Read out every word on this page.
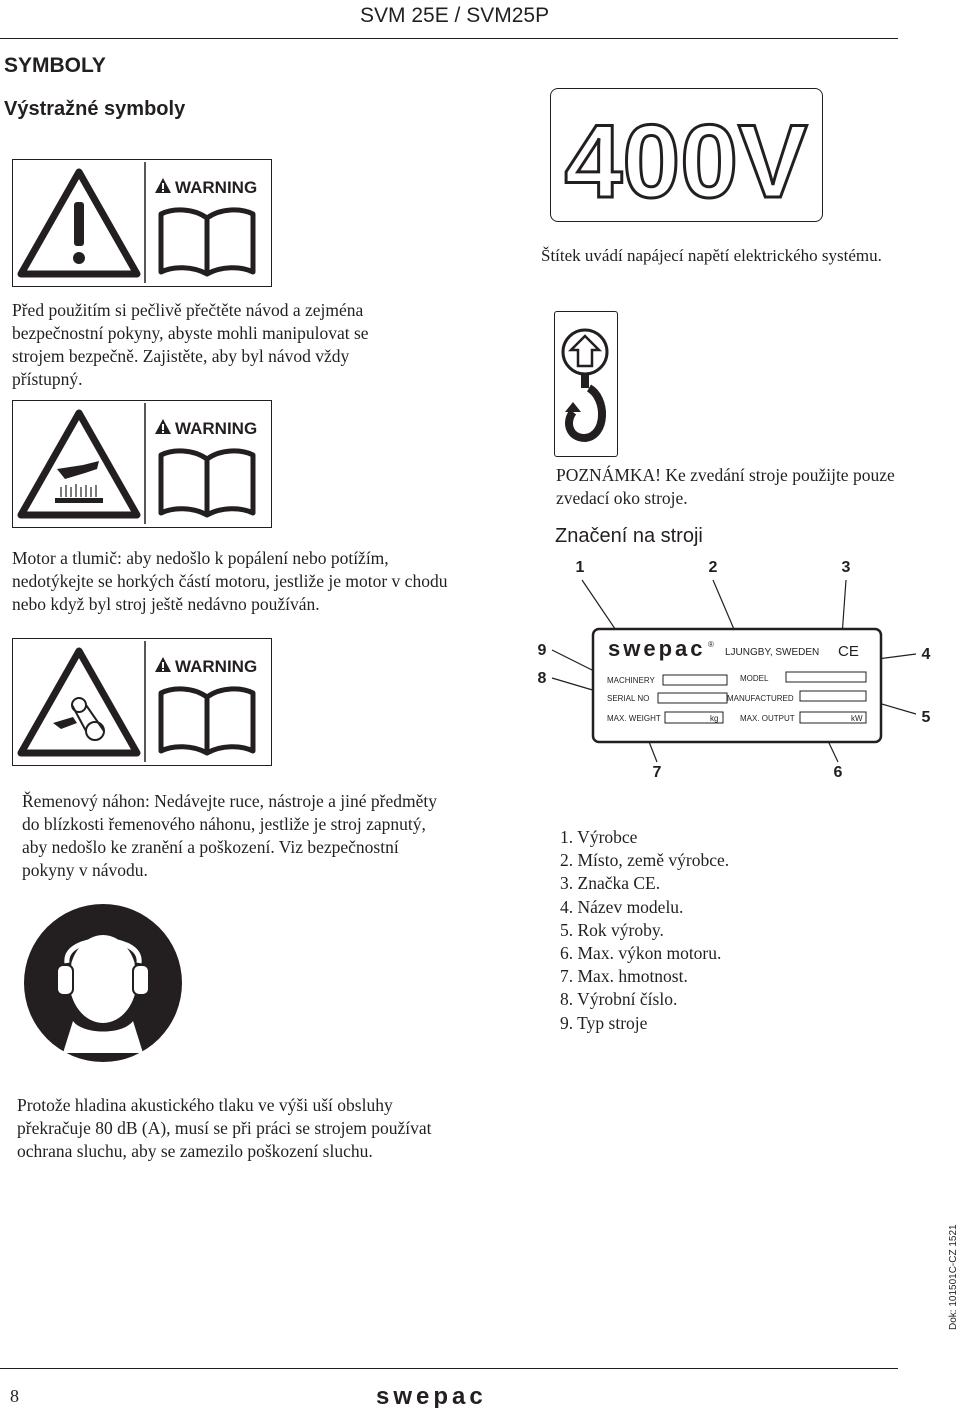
SVM 25E / SVM25P
SYMBOLY
Výstražné symboly
WARNING
Před použitím si pečlivě přečtěte návod a zejména bezpečnostní pokyny, abyste mohli manipulovat se strojem bezpečně. Zajistěte, aby byl návod vždy přístupný.
WARNING
Motor a tlumič: aby nedošlo k popálení nebo potížím, nedotýkejte se horkých částí motoru, jestliže je motor v chodu nebo když byl stroj ještě nedávno používán.
WARNING
Řemenový náhon: Nedávejte ruce, nástroje a jiné předměty do blízkosti řemenového náhonu, jestliže je stroj zapnutý, aby nedošlo ke zranění a poškození. Viz bezpečnostní pokyny v návodu.
Protože hladina akustického tlaku ve výši uší obsluhy překračuje 80 dB (A), musí se při práci se strojem používat ochrana sluchu, aby se zamezilo poškození sluchu.
400V
Štítek uvádí napájecí napětí elektrického systému.
POZNÁMKA! Ke zvedání stroje použijte pouze zvedací oko stroje.
Značení na stroji
1	2	3
4
5
6
7
8
9	swepac ®
LJUNGBY, SWEDEN CE
MACHINERY	MODEL
SERIAL NO	MANUFACTURED
MAX. WEIGHT	kg	MAX. OUTPUT	kW
1. Výrobce
2. Místo, země výrobce.
3. Značka CE.
4. Název modelu.
5. Rok výroby.
6. Max. výkon motoru.
7. Max. hmotnost.
8. Výrobní číslo.
9. Typ stroje
Dok: 101501C-CZ 1521
8	swepac
